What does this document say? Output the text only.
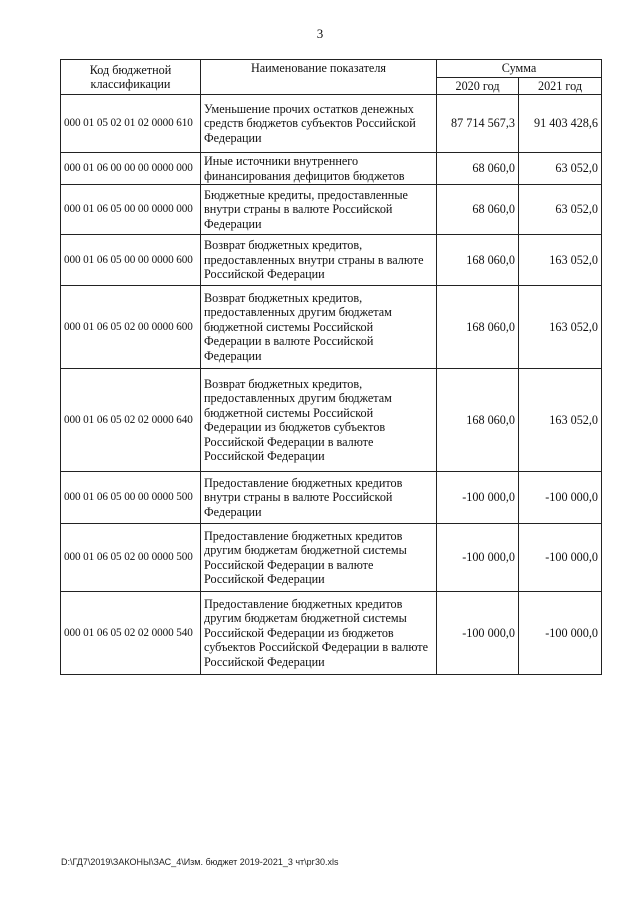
3
Код бюджетной классификации	Наименование показателя	Сумма	
		2020 год	2021 год
000 01 05 02 01 02 0000 610	Уменьшение прочих остатков денежных средств бюджетов субъектов Российской Федерации	87 714 567,3	91 403 428,6
000 01 06 00 00 00 0000 000	Иные источники внутреннего финансирования дефицитов бюджетов	68 060,0	63 052,0
000 01 06 05 00 00 0000 000	Бюджетные кредиты, предоставленные внутри страны в валюте Российской Федерации	68 060,0	63 052,0
000 01 06 05 00 00 0000 600	Возврат бюджетных кредитов, предоставленных внутри страны в валюте Российской Федерации	168 060,0	163 052,0
000 01 06 05 02 00 0000 600	Возврат бюджетных кредитов, предоставленных другим бюджетам бюджетной системы Российской Федерации в валюте Российской Федерации	168 060,0	163 052,0
000 01 06 05 02 02 0000 640	Возврат бюджетных кредитов, предоставленных другим бюджетам бюджетной системы Российской Федерации из бюджетов субъектов Российской Федерации в валюте Российской Федерации	168 060,0	163 052,0
000 01 06 05 00 00 0000 500	Предоставление бюджетных кредитов внутри страны в валюте Российской Федерации	-100 000,0	-100 000,0
000 01 06 05 02 00 0000 500	Предоставление бюджетных кредитов другим бюджетам бюджетной системы Российской Федерации в валюте Российской Федерации	-100 000,0	-100 000,0
000 01 06 05 02 02 0000 540	Предоставление бюджетных кредитов другим бюджетам бюджетной системы Российской Федерации из бюджетов субъектов Российской Федерации в валюте Российской Федерации	-100 000,0	-100 000,0
D:\ГД7\2019\ЗАКОНЫ\ЗАС_4\Изм. бюджет 2019-2021_3 чт\рг30.xls
